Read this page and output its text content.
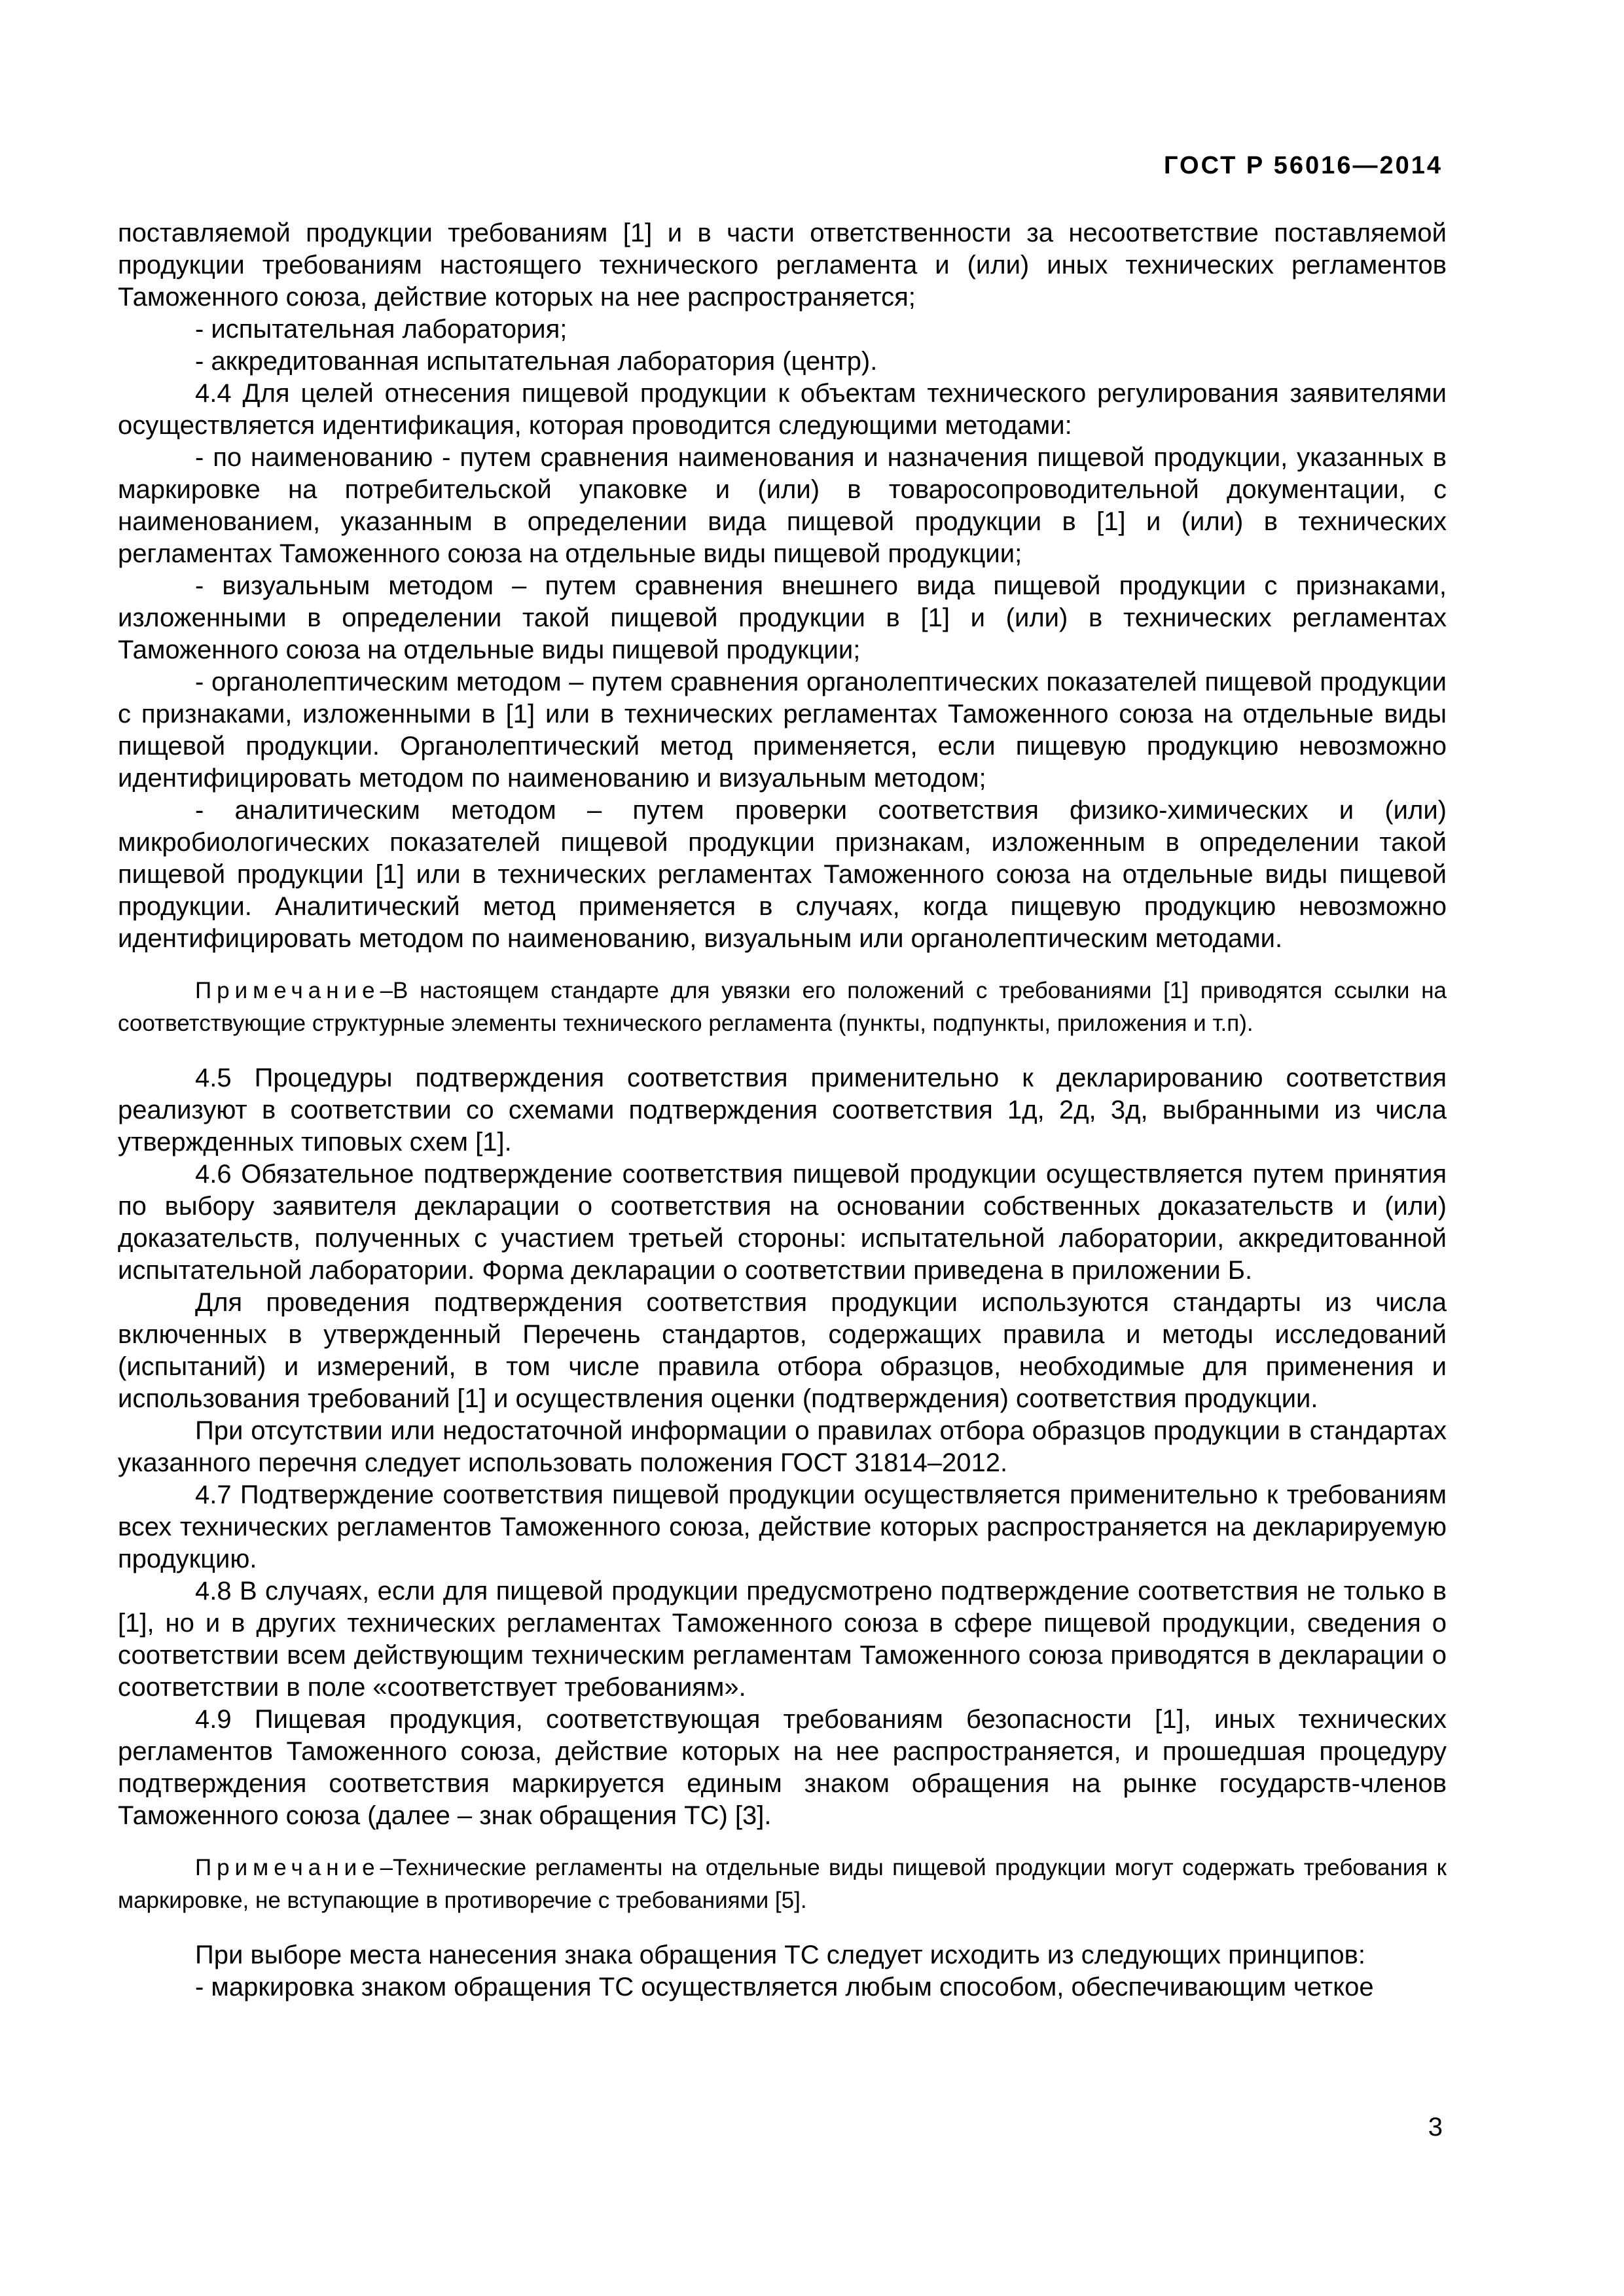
ГОСТ Р 56016—2014

поставляемой продукции требованиям [1] и в части ответственности за несоответствие поставляемой продукции требованиям настоящего технического регламента и (или) иных технических регламентов Таможенного союза, действие которых на нее распространяется;

- испытательная лаборатория;

- аккредитованная испытательная лаборатория (центр).

4.4 Для целей отнесения пищевой продукции к объектам технического регулирования заявителями осуществляется идентификация, которая проводится следующими методами:

- по наименованию - путем сравнения наименования и назначения пищевой продукции, указанных в маркировке на потребительской упаковке и (или) в товаросопроводительной документации, с наименованием, указанным в определении вида пищевой продукции в [1] и (или) в технических регламентах Таможенного союза на отдельные виды пищевой продукции;

- визуальным методом – путем сравнения внешнего вида пищевой продукции с признаками, изложенными в определении такой пищевой продукции в [1] и (или) в технических регламентах Таможенного союза на отдельные виды пищевой продукции;

- органолептическим методом – путем сравнения органолептических показателей пищевой продукции с признаками, изложенными в [1] или в технических регламентах Таможенного союза на отдельные виды пищевой продукции. Органолептический метод применяется, если пищевую продукцию невозможно идентифицировать методом по наименованию и визуальным методом;

- аналитическим методом – путем проверки соответствия физико-химических и (или) микробиологических показателей пищевой продукции признакам, изложенным в определении такой пищевой продукции [1] или в технических регламентах Таможенного союза на отдельные виды пищевой продукции. Аналитический метод применяется в случаях, когда пищевую продукцию невозможно идентифицировать методом по наименованию, визуальным или органолептическим методами.

Примечание–В настоящем стандарте для увязки его положений с требованиями [1] приводятся ссылки на соответствующие структурные элементы технического регламента (пункты, подпункты, приложения и т.п).

4.5 Процедуры подтверждения соответствия применительно к декларированию соответствия реализуют в соответствии со схемами подтверждения соответствия 1д, 2д, 3д, выбранными из числа утвержденных типовых схем [1].

4.6 Обязательное подтверждение соответствия пищевой продукции осуществляется путем принятия по выбору заявителя декларации о соответствия на основании собственных доказательств и (или) доказательств, полученных с участием третьей стороны: испытательной лаборатории, аккредитованной испытательной лаборатории. Форма декларации о соответствии приведена в приложении Б.

Для проведения подтверждения соответствия продукции используются стандарты из числа включенных в утвержденный Перечень стандартов, содержащих правила и методы исследований (испытаний) и измерений, в том числе правила отбора образцов, необходимые для применения и использования требований [1] и осуществления оценки (подтверждения) соответствия продукции.

При отсутствии или недостаточной информации о правилах отбора образцов продукции в стандартах указанного перечня следует использовать положения ГОСТ 31814–2012.

4.7 Подтверждение соответствия пищевой продукции осуществляется применительно к требованиям всех технических регламентов Таможенного союза, действие которых распространяется на декларируемую продукцию.

4.8 В случаях, если для пищевой продукции предусмотрено подтверждение соответствия не только в [1], но и в других технических регламентах Таможенного союза в сфере пищевой продукции, сведения о соответствии всем действующим техническим регламентам Таможенного союза приводятся в декларации о соответствии в поле «соответствует требованиям».

4.9 Пищевая продукция, соответствующая требованиям безопасности [1], иных технических регламентов Таможенного союза, действие которых на нее распространяется, и прошедшая процедуру подтверждения соответствия маркируется единым знаком обращения на рынке государств-членов Таможенного союза (далее – знак обращения ТС) [3].

Примечание–Технические регламенты на отдельные виды пищевой продукции могут содержать требования к маркировке, не вступающие в противоречие с требованиями [5].

При выборе места нанесения знака обращения ТС следует исходить из следующих принципов:

- маркировка знаком обращения ТС осуществляется любым способом, обеспечивающим четкое

3
